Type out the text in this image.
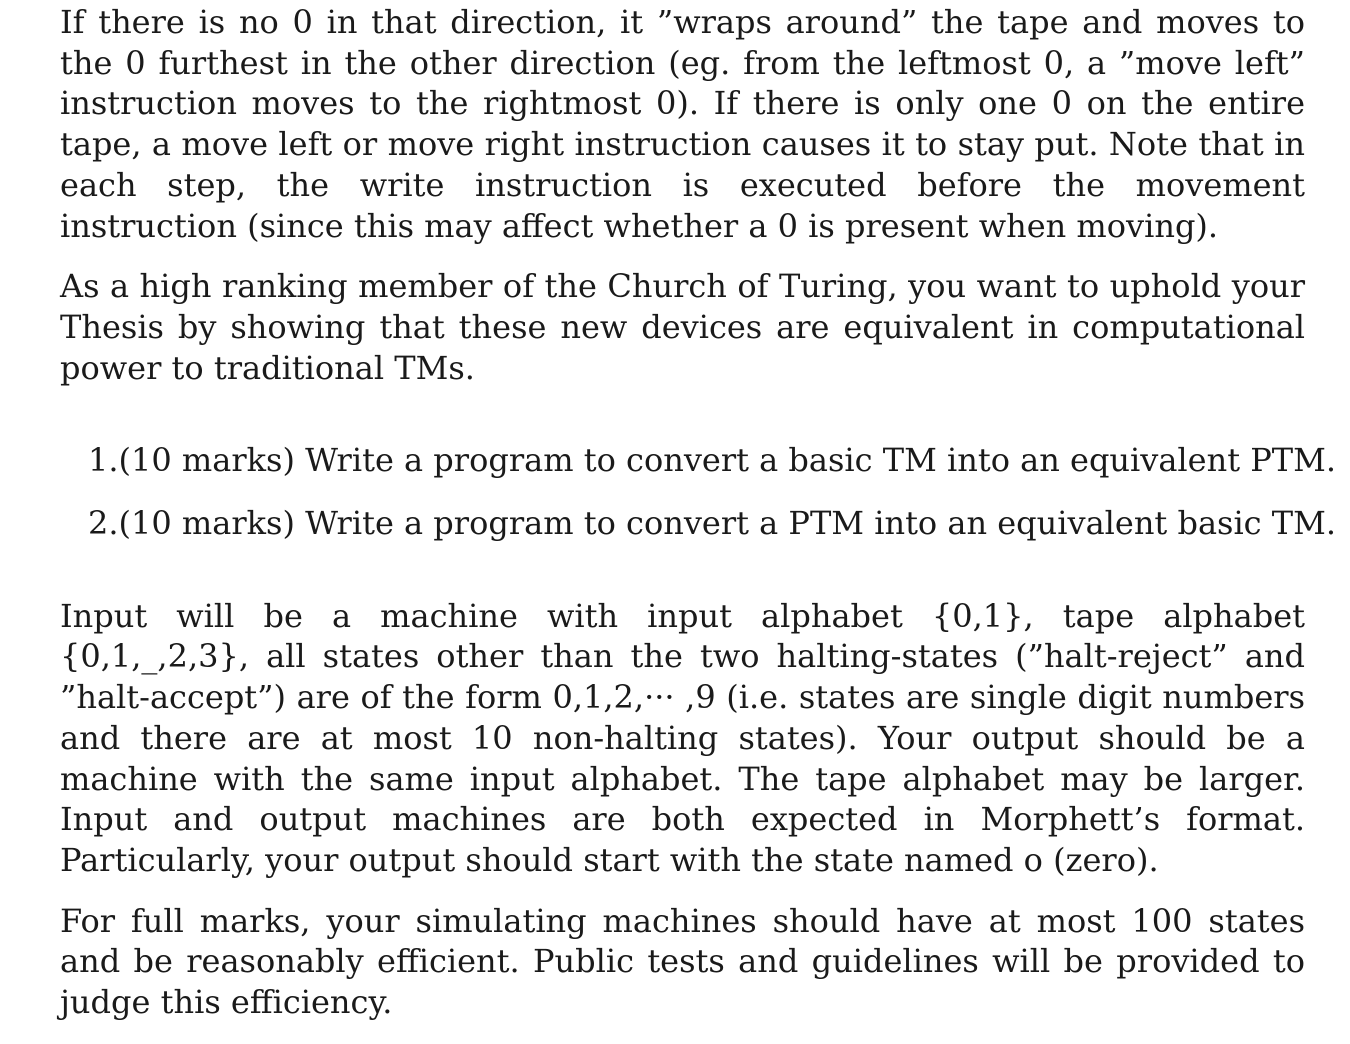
If there is no 0 in that direction, it ”wraps around” the tape and moves to the 0 furthest in the other direction (eg. from the leftmost 0, a ”move left” instruction moves to the rightmost 0). If there is only one 0 on the entire tape, a move left or move right instruction causes it to stay put. Note that in each step, the write instruction is executed before the movement instruction (since this may affect whether a 0 is present when moving).

As a high ranking member of the Church of Turing, you want to uphold your Thesis by showing that these new devices are equivalent in computational power to traditional TMs.

1. (10 marks) Write a program to convert a basic TM into an equivalent PTM.
2. (10 marks) Write a program to convert a PTM into an equivalent basic TM.

Input will be a machine with input alphabet {0,1}, tape alphabet {0,1,_,2,3}, all states other than the two halting-states (”halt-reject” and ”halt-accept”) are of the form 0,1,2,··· ,9 (i.e. states are single digit numbers and there are at most 10 non-halting states). Your output should be a machine with the same input alphabet. The tape alphabet may be larger. Input and output machines are both expected in Morphett’s format. Particularly, your output should start with the state named o (zero).

For full marks, your simulating machines should have at most 100 states and be reasonably efficient. Public tests and guidelines will be provided to judge this efficiency.
